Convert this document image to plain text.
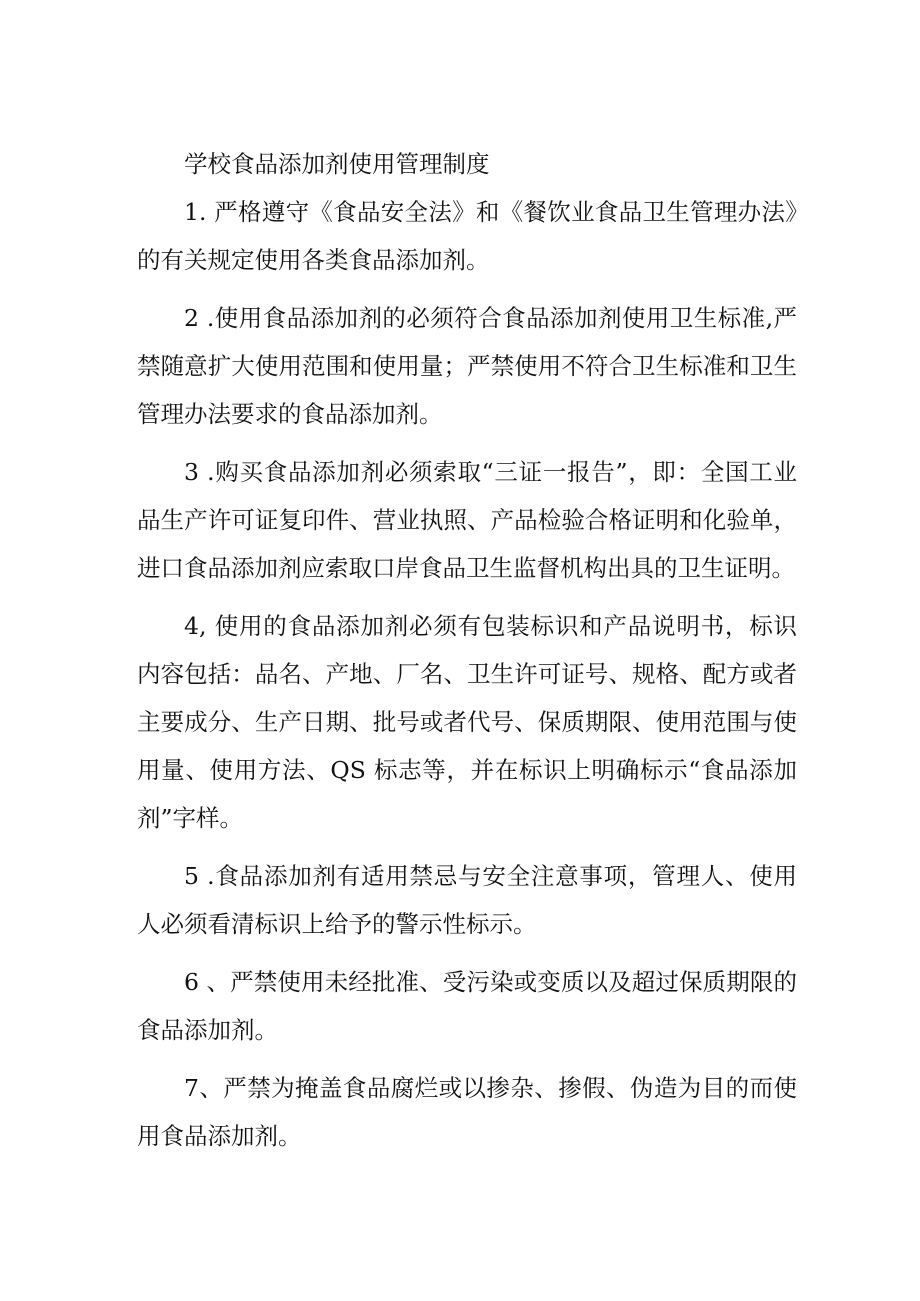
学校食品添加剂使用管理制度

1. 严格遵守《食品安全法》和《餐饮业食品卫生管理办法》的有关规定使用各类食品添加剂。

2 .使用食品添加剂的必须符合食品添加剂使用卫生标准,严禁随意扩大使用范围和使用量；严禁使用不符合卫生标准和卫生管理办法要求的食品添加剂。

3 .购买食品添加剂必须索取“三证一报告”，即：全国工业品生产许可证复印件、营业执照、产品检验合格证明和化验单，进口食品添加剂应索取口岸食品卫生监督机构出具的卫生证明。

4, 使用的食品添加剂必须有包装标识和产品说明书，标识内容包括：品名、产地、厂名、卫生许可证号、规格、配方或者主要成分、生产日期、批号或者代号、保质期限、使用范围与使用量、使用方法、QS 标志等，并在标识上明确标示“食品添加剂”字样。

5 .食品添加剂有适用禁忌与安全注意事项，管理人、使用人必须看清标识上给予的警示性标示。

6 、严禁使用未经批准、受污染或变质以及超过保质期限的食品添加剂。

7、严禁为掩盖食品腐烂或以掺杂、掺假、伪造为目的而使用食品添加剂。
